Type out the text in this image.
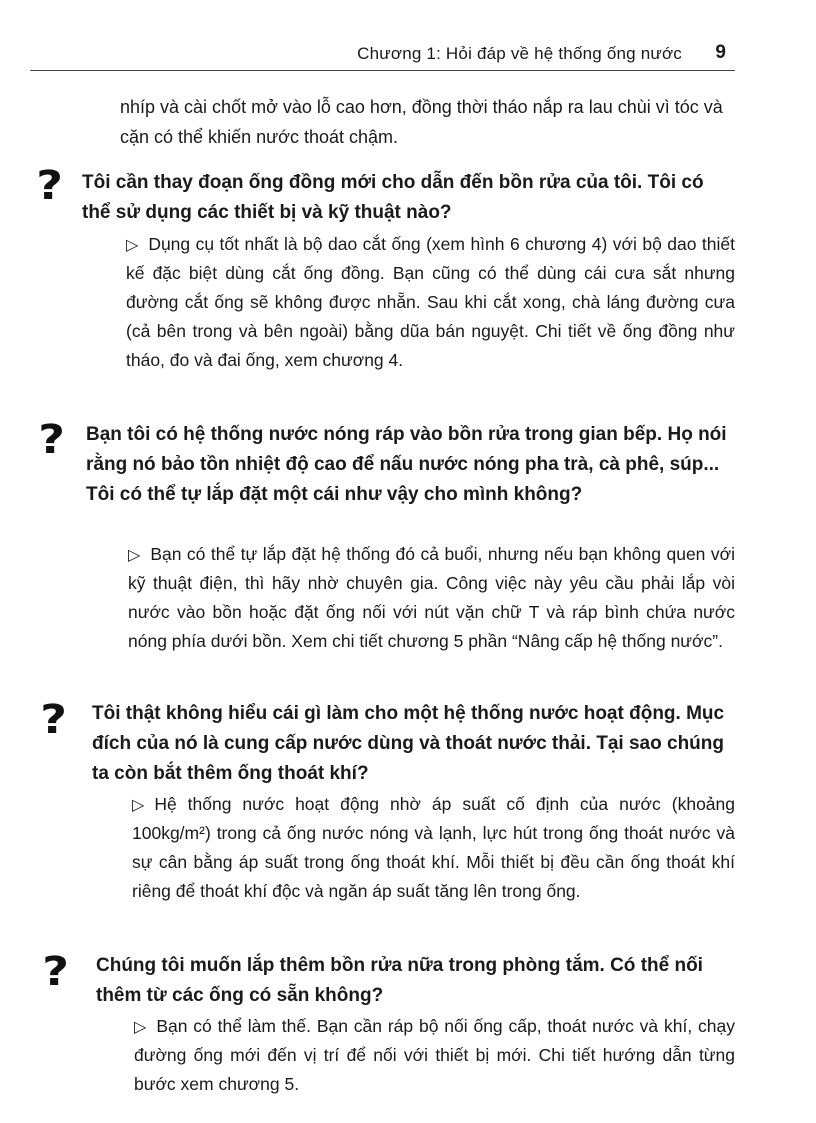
Chương 1: Hỏi đáp về hệ thống ống nước 9
nhíp và cài chốt mở vào lỗ cao hơn, đồng thời tháo nắp ra lau chùi vì tóc và cặn có thể khiến nước thoát chậm.
? Tôi cần thay đoạn ống đồng mới cho dẫn đến bồn rửa của tôi. Tôi có thể sử dụng các thiết bị và kỹ thuật nào?
▷ Dụng cụ tốt nhất là bộ dao cắt ống (xem hình 6 chương 4) với bộ dao thiết kế đặc biệt dùng cắt ống đồng. Bạn cũng có thể dùng cái cưa sắt nhưng đường cắt ống sẽ không được nhẵn. Sau khi cắt xong, chà láng đường cưa (cả bên trong và bên ngoài) bằng dũa bán nguyệt. Chi tiết về ống đồng như tháo, đo và đai ống, xem chương 4.
? Bạn tôi có hệ thống nước nóng ráp vào bồn rửa trong gian bếp. Họ nói rằng nó bảo tồn nhiệt độ cao để nấu nước nóng pha trà, cà phê, súp... Tôi có thể tự lắp đặt một cái như vậy cho mình không?
▷ Bạn có thể tự lắp đặt hệ thống đó cả buổi, nhưng nếu bạn không quen với kỹ thuật điện, thì hãy nhờ chuyên gia. Công việc này yêu cầu phải lắp vòi nước vào bồn hoặc đặt ống nối với nút vặn chữ T và ráp bình chứa nước nóng phía dưới bồn. Xem chi tiết chương 5 phần “Nâng cấp hệ thống nước”.
? Tôi thật không hiểu cái gì làm cho một hệ thống nước hoạt động. Mục đích của nó là cung cấp nước dùng và thoát nước thải. Tại sao chúng ta còn bắt thêm ống thoát khí?
▷ Hệ thống nước hoạt động nhờ áp suất cố định của nước (khoảng 100kg/m²) trong cả ống nước nóng và lạnh, lực hút trong ống thoát nước và sự cân bằng áp suất trong ống thoát khí. Mỗi thiết bị đều cần ống thoát khí riêng để thoát khí độc và ngăn áp suất tăng lên trong ống.
? Chúng tôi muốn lắp thêm bồn rửa nữa trong phòng tắm. Có thể nối thêm từ các ống có sẵn không?
▷ Bạn có thể làm thế. Bạn cần ráp bộ nối ống cấp, thoát nước và khí, chạy đường ống mới đến vị trí để nối với thiết bị mới. Chi tiết hướng dẫn từng bước xem chương 5.
